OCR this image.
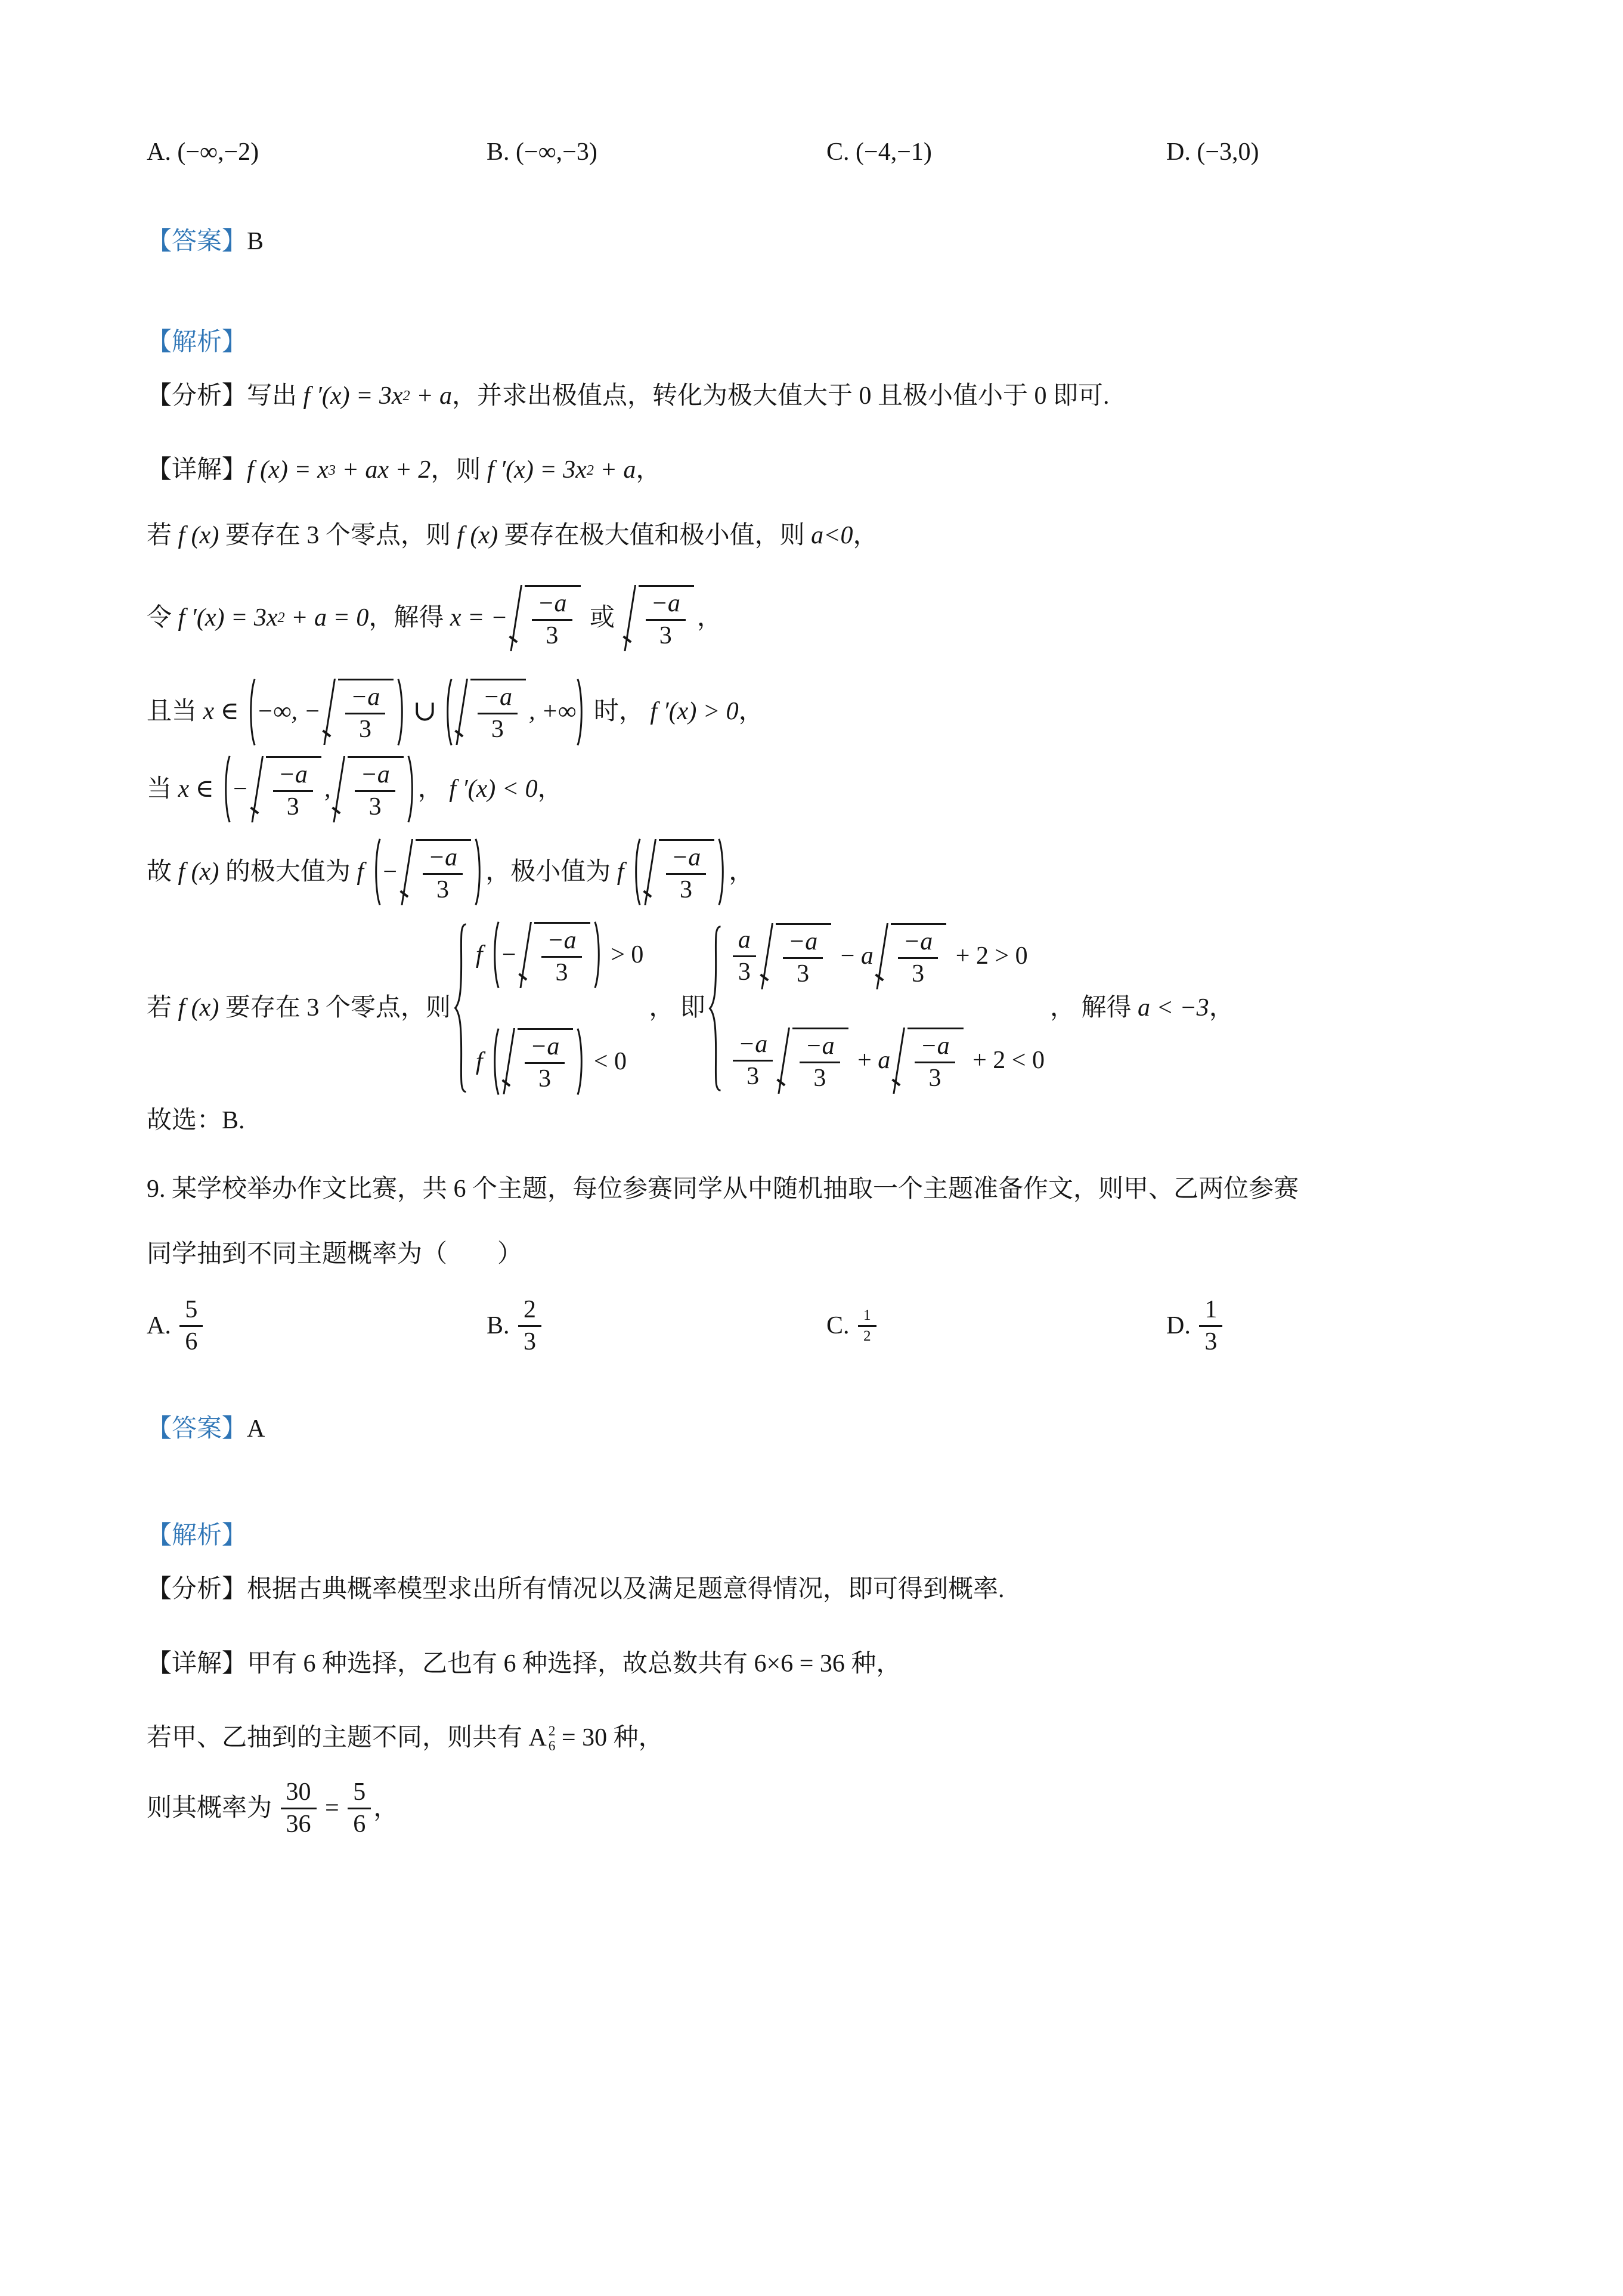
A. (−∞,−2)	B. (−∞,−3)	C. (−4,−1)	D. (−3,0)
【答案】 B
【解析】
【分析】 写出 f ′(x) = 3x 2 + a ，并求出极值点，转化为极大值大于 0 且极小值小于 0 即可.
【详解】 f (x) = x 3 + ax + 2 ，则 f ′(x) = 3x 2 + a ，
若 f (x) 要存在 3 个零点，则 f (x) 要存在极大值和极小值，则 a<0 ，
令 f ′(x) = 3x 2 + a = 0 ，解得 x = − $\frac{-a}{3}$ 或 $\frac{-a}{3}$ ，
且当 x ∈ −∞, − $\frac{-a}{3}$ ∪ $\frac{-a}{3}$ , +∞ 时， f ′(x) > 0 ，
当 x ∈ − $\frac{-a}{3}$ , $\frac{-a}{3}$ ， f ′(x) < 0 ，
故 f (x) 的极大值为 $f - \frac{-a}{3}$ ，极小值为 f $\frac{-a}{3}$ ，
若 f (x) 要存在 3 个零点，则
$f - \frac{-a}{3} > 0$
f $\frac{-a}{3} < 0$
， 即
$\frac{a}{3} \frac{-a}{3} - a \frac{-a}{3} + 2 > 0$
$\frac{-a}{3} \frac{-a}{3} + a \frac{-a}{3} + 2 < 0$
， 解得 a < −3 ，
故选：B.
9. 某学校举办作文比赛，共 6 个主题，每位参赛同学从中随机抽取一个主题准备作文，则甲、乙两位参赛
同学抽到不同主题概率为（　　）
A. $\frac{5}{6}$	B. $\frac{2}{3}$	C. $\frac{1}{2}$	D. $\frac{1}{3}$
【答案】 A
【解析】
【分析】 根据古典概率模型求出所有情况以及满足题意得情况，即可得到概率.
【详解】 甲有 6 种选择，乙也有 6 种选择，故总数共有 6×6 = 36 种，
若甲、乙抽到的主题不同，则共有 A 2
6 = 30 种，
则其概率为 $\frac{30}{36} = \frac{5}{6}$ ，
